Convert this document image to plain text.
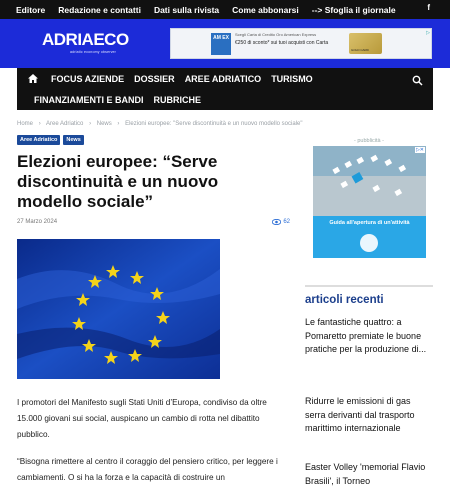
Editore Redazione e contatti Dati sulla rivista Come abbonarsi --> Sfoglia il giornale	f
ADRIAECO
adriatic economy observer
AM EX
Scegli Carta di Credito Oro American Express
€250 di sconto* sui tuoi acquisti con Carta
GOLD CARD
▷
FOCUS AZIENDE DOSSIER AREE ADRIATICO TURISMO
FINANZIAMENTI E BANDI RUBRICHE
Home › Aree Adriatico › News › Elezioni europee: "Serve discontinuità e un nuovo modello sociale"
Aree Adriatico	News
Elezioni europee: “Serve discontinuità e un nuovo modello sociale”
27 Marzo 2024	62

I promotori del Manifesto sugli Stati Uniti d’Europa, condiviso da oltre 15.000 giovani sui social, auspicano un cambio di rotta nel dibattito pubblico.

“Bisogna rimettere al centro il coraggio del pensiero critico, per leggere i cambiamenti. O si ha la forza e la capacità di costruire un

- pubblicità -
Guida all'apertura di un'attività
▷✕
articoli recenti
Le fantastiche quattro: a Pomaretto premiate le buone pratiche per la produzione di...
Ridurre le emissioni di gas serra derivanti dal trasporto marittimo internazionale
Easter Volley 'memorial Flavio Brasili', il Torneo
